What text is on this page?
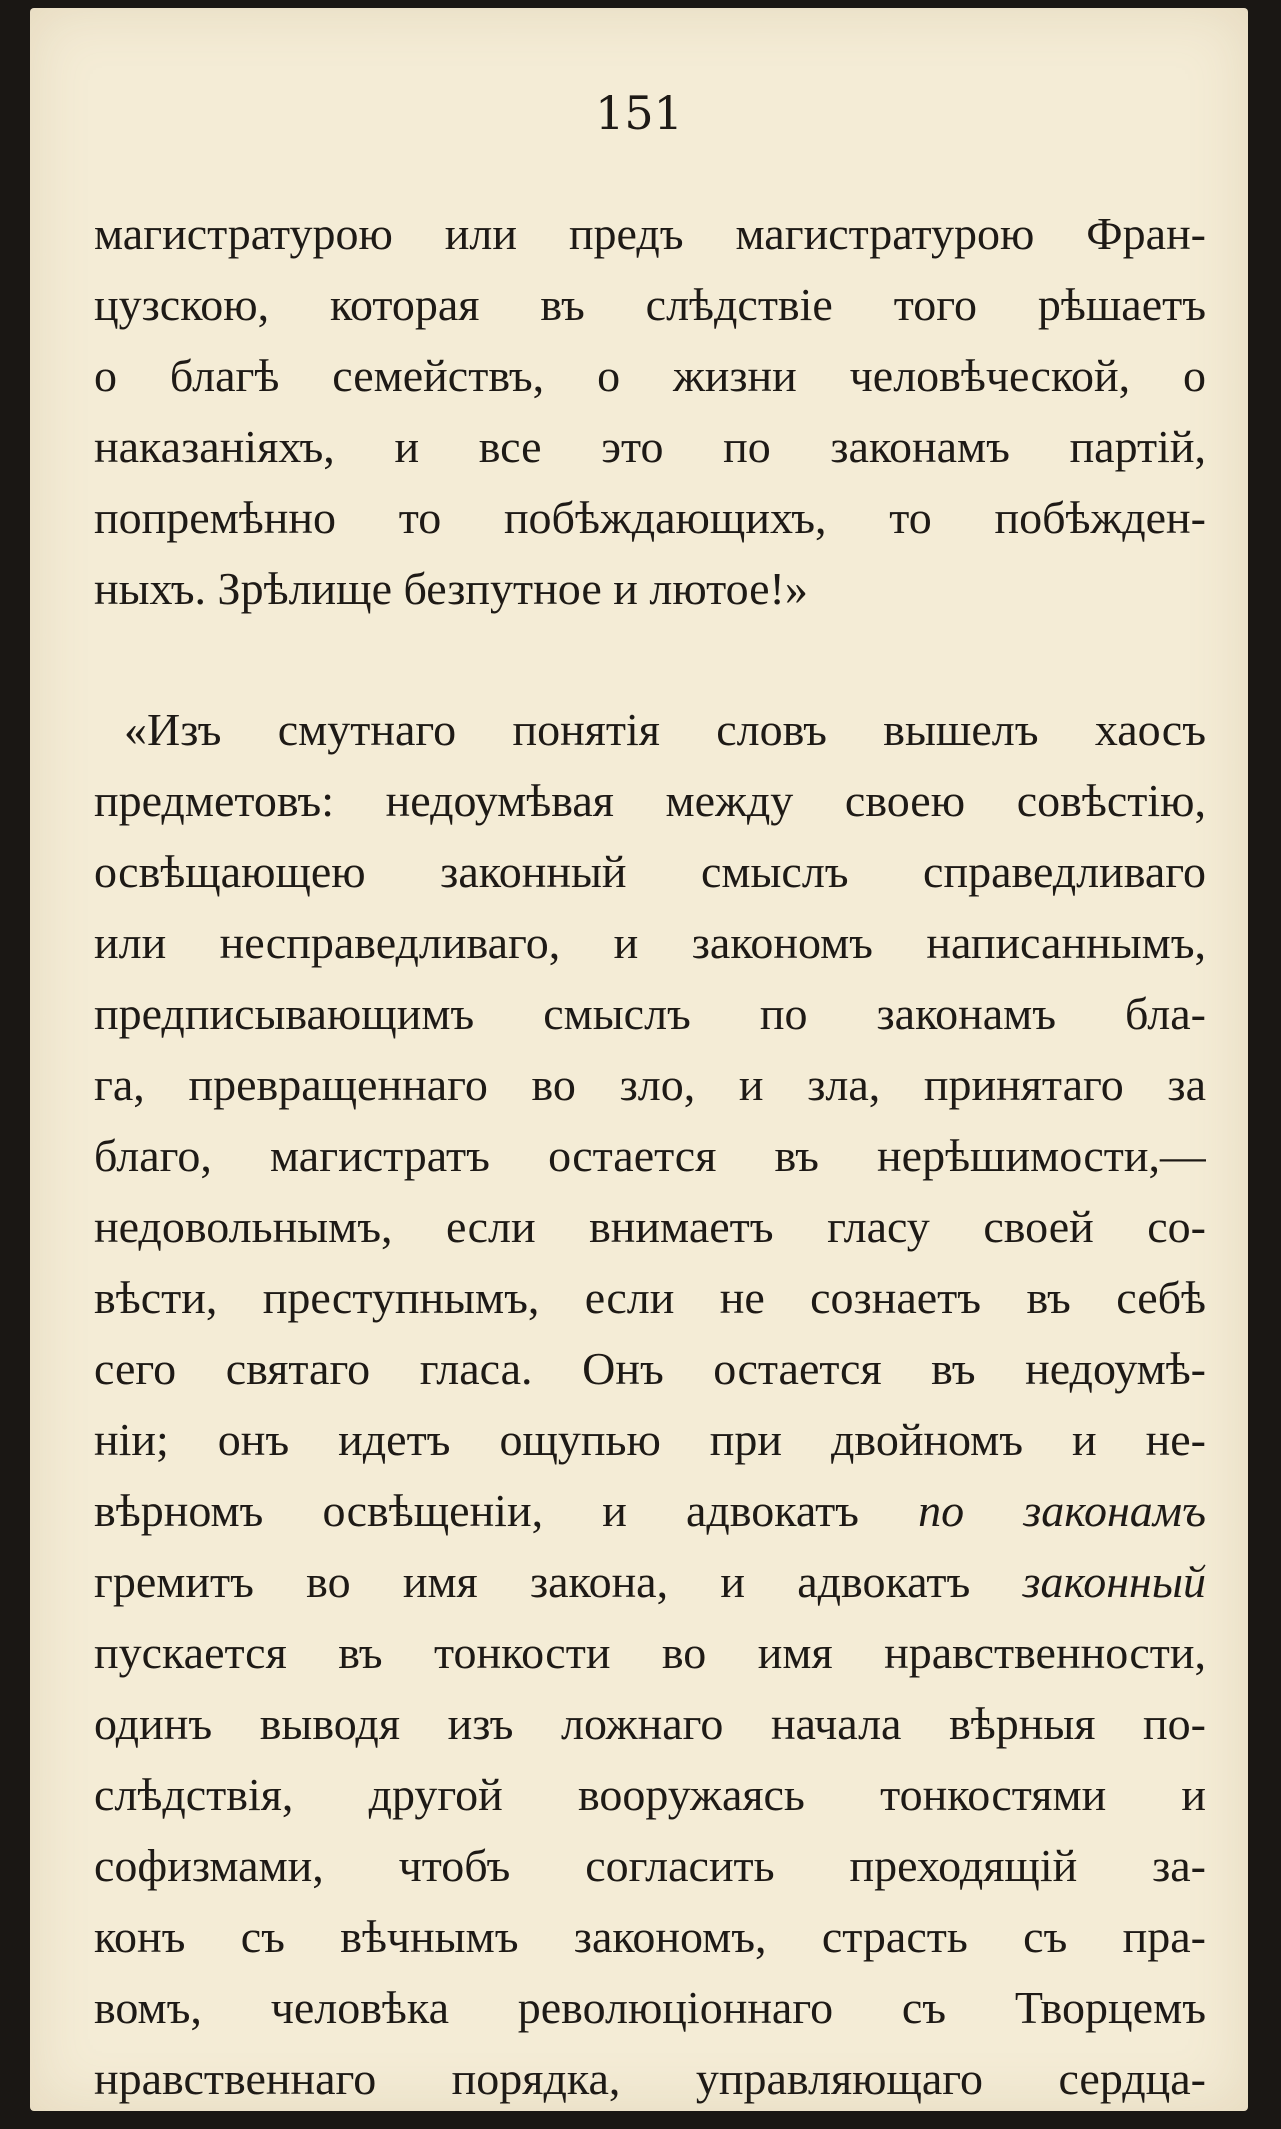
151
магистратурою или предъ магистратурою Фран-
цузскою, которая въ слѣдствіе того рѣшаетъ
о благѣ семействъ, о жизни человѣческой, о
наказаніяхъ, и все это по законамъ партій,
попремѣнно то побѣждающихъ, то побѣжден-
ныхъ. Зрѣлище безпутное и лютое!»
«Изъ смутнаго понятія словъ вышелъ хаосъ
предметовъ: недоумѣвая между своею совѣстію,
освѣщающею законный смыслъ справедливаго
или несправедливаго, и закономъ написаннымъ,
предписывающимъ смыслъ по законамъ бла-
га, превращеннаго во зло, и зла, принятаго за
благо, магистратъ остается въ нерѣшимости,—
недовольнымъ, если внимаетъ гласу своей со-
вѣсти, преступнымъ, если не сознаетъ въ себѣ
сего святаго гласа. Онъ остается въ недоумѣ-
ніи; онъ идетъ ощупью при двойномъ и не-
вѣрномъ освѣщеніи, и адвокатъ по законамъ
гремитъ во имя закона, и адвокатъ законный
пускается въ тонкости во имя нравственности,
одинъ выводя изъ ложнаго начала вѣрныя по-
слѣдствія, другой вооружаясь тонкостями и
софизмами, чтобъ согласить преходящій за-
конъ съ вѣчнымъ закономъ, страсть съ пра-
вомъ, человѣка революціоннаго съ Творцемъ
нравственнаго порядка, управляющаго сердца-
